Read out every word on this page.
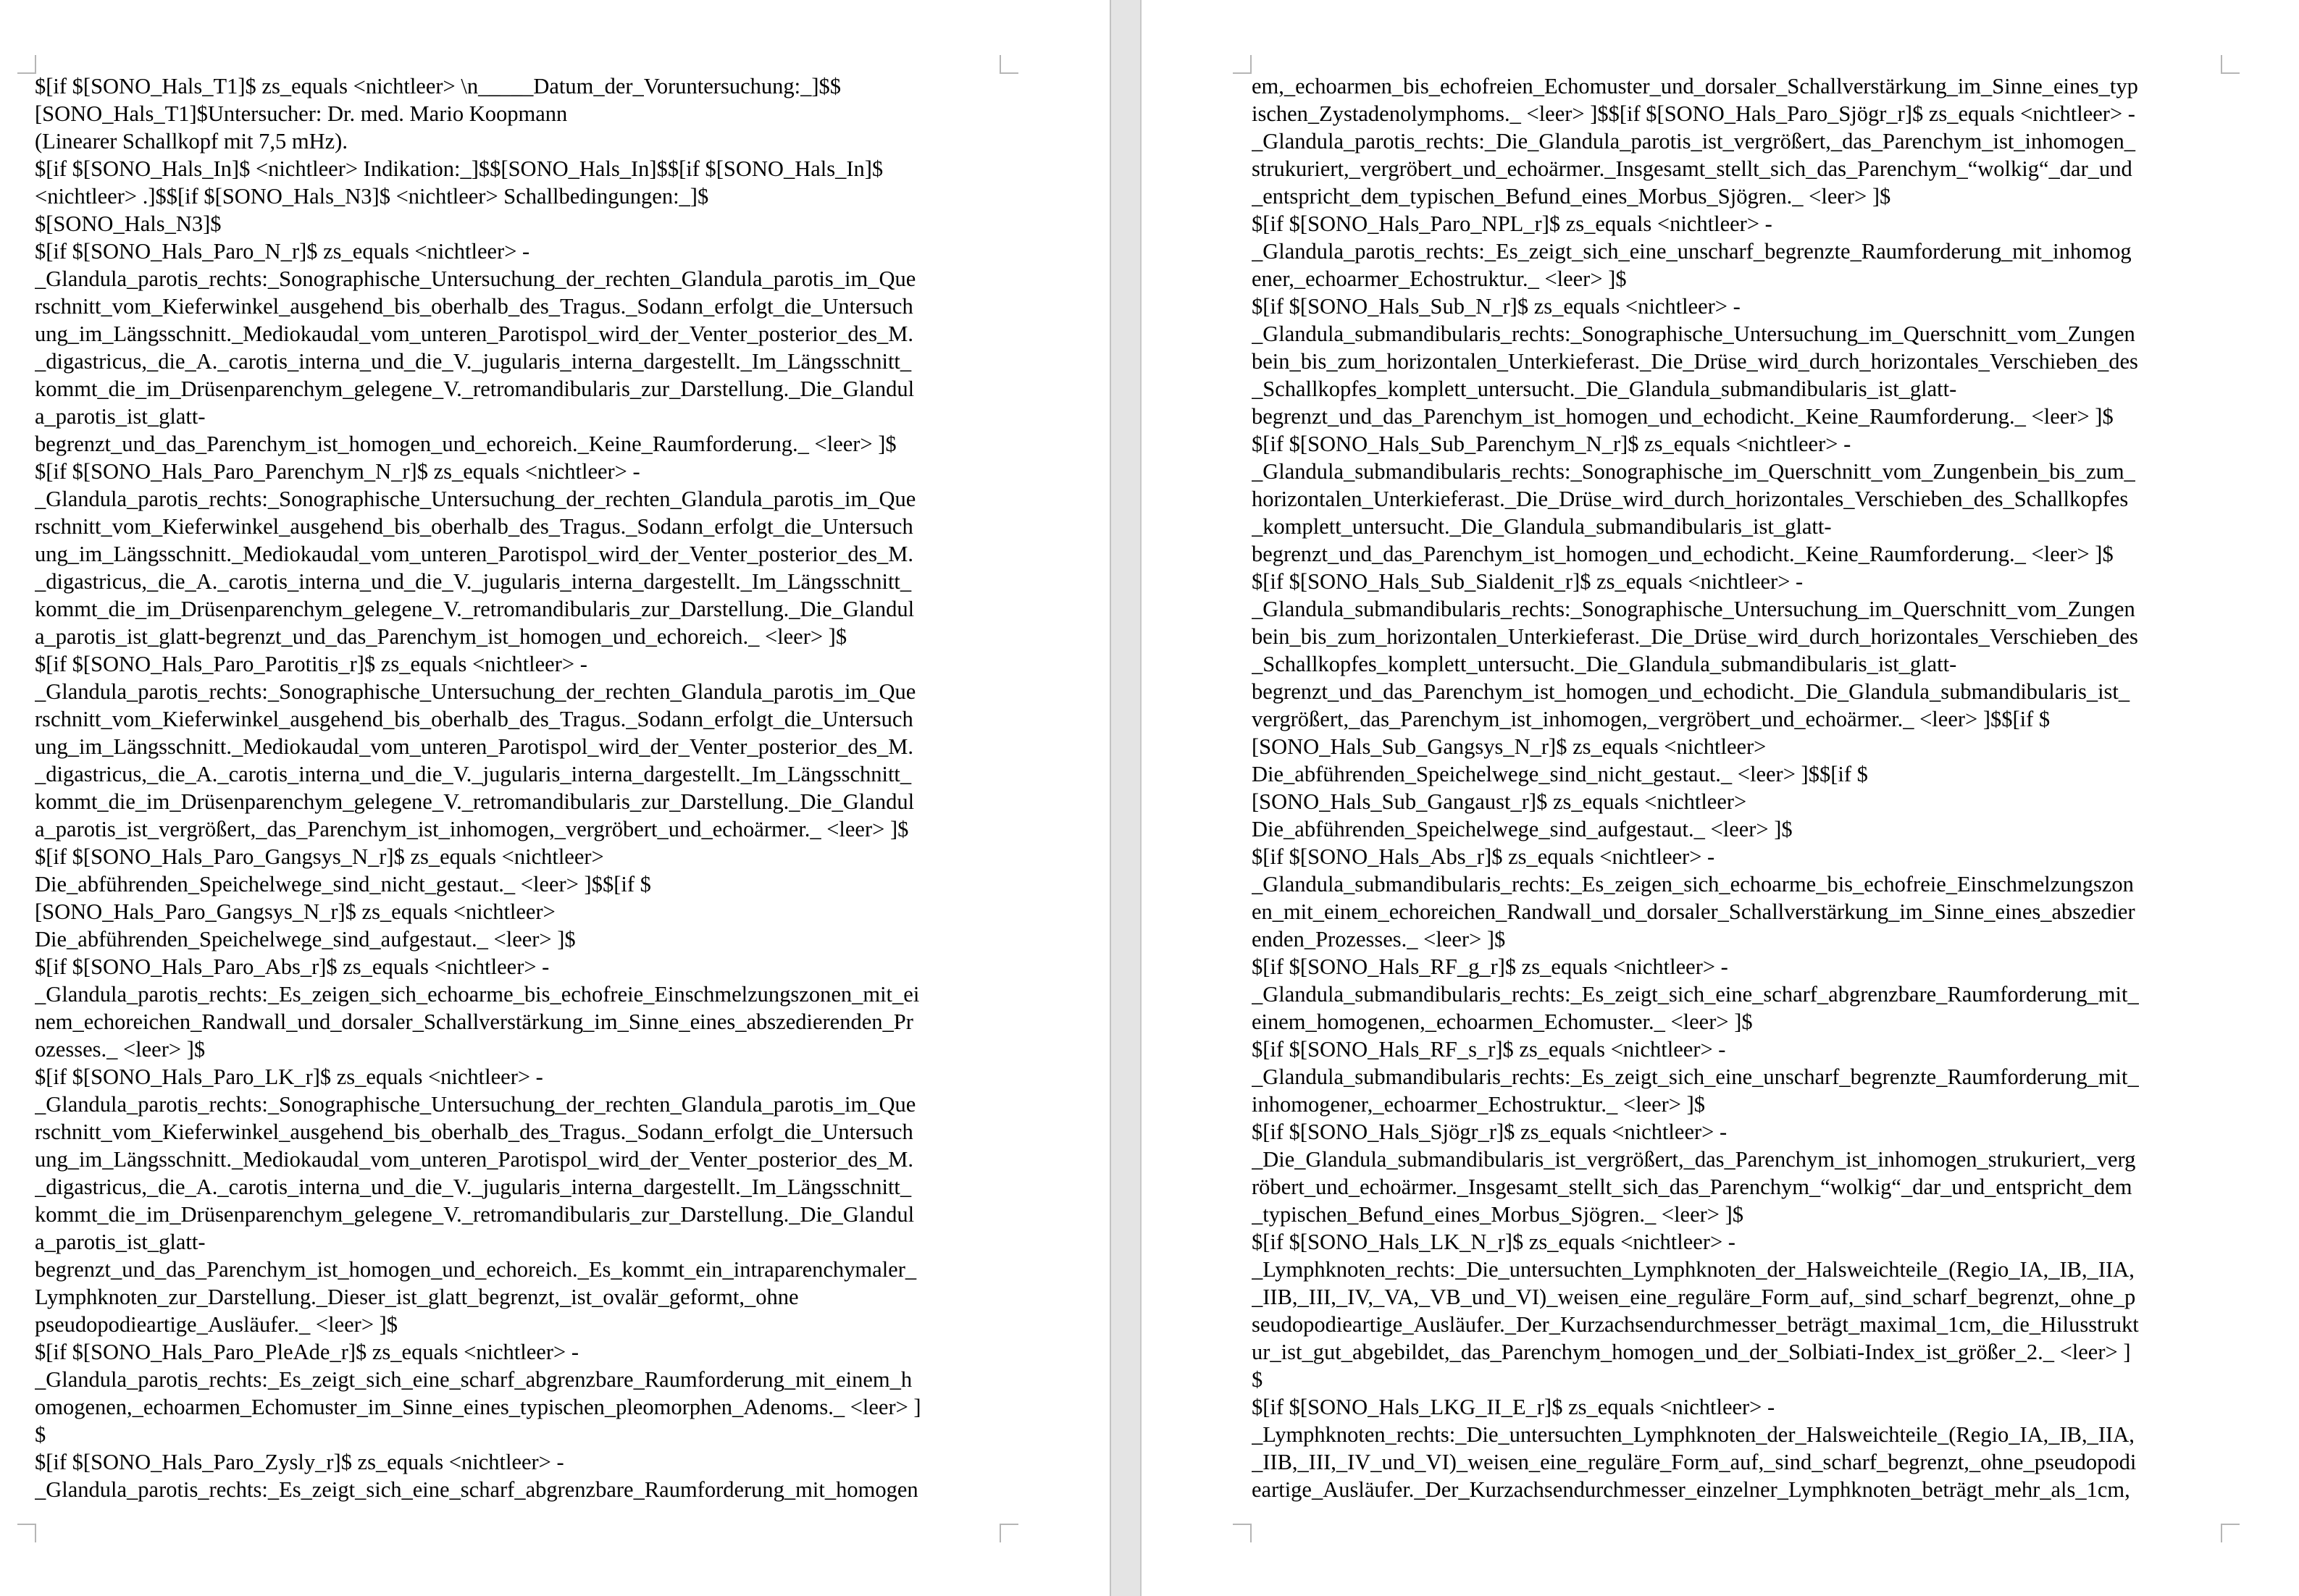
$[if $[SONO_Hals_T1]$ zs_equals <nichtleer> \n_____Datum_der_Voruntersuchung:_]$$
[SONO_Hals_T1]$Untersucher: Dr. med. Mario Koopmann
(Linearer Schallkopf mit 7,5 mHz).
$[if $[SONO_Hals_In]$ <nichtleer> Indikation:_]$$[SONO_Hals_In]$$[if $[SONO_Hals_In]$
<nichtleer> .]$$[if $[SONO_Hals_N3]$ <nichtleer> Schallbedingungen:_]$
$[SONO_Hals_N3]$
$[if $[SONO_Hals_Paro_N_r]$ zs_equals <nichtleer> -
_Glandula_parotis_rechts:_Sonographische_Untersuchung_der_rechten_Glandula_parotis_im_Que
rschnitt_vom_Kieferwinkel_ausgehend_bis_oberhalb_des_Tragus._Sodann_erfolgt_die_Untersuch
ung_im_Längsschnitt._Mediokaudal_vom_unteren_Parotispol_wird_der_Venter_posterior_des_M.
_digastricus,_die_A._carotis_interna_und_die_V._jugularis_interna_dargestellt._Im_Längsschnitt_
kommt_die_im_Drüsenparenchym_gelegene_V._retromandibularis_zur_Darstellung._Die_Glandul
a_parotis_ist_glatt-
begrenzt_und_das_Parenchym_ist_homogen_und_echoreich._Keine_Raumforderung._ <leer> ]$
$[if $[SONO_Hals_Paro_Parenchym_N_r]$ zs_equals <nichtleer> -
_Glandula_parotis_rechts:_Sonographische_Untersuchung_der_rechten_Glandula_parotis_im_Que
rschnitt_vom_Kieferwinkel_ausgehend_bis_oberhalb_des_Tragus._Sodann_erfolgt_die_Untersuch
ung_im_Längsschnitt._Mediokaudal_vom_unteren_Parotispol_wird_der_Venter_posterior_des_M.
_digastricus,_die_A._carotis_interna_und_die_V._jugularis_interna_dargestellt._Im_Längsschnitt_
kommt_die_im_Drüsenparenchym_gelegene_V._retromandibularis_zur_Darstellung._Die_Glandul
a_parotis_ist_glatt-begrenzt_und_das_Parenchym_ist_homogen_und_echoreich._ <leer> ]$
$[if $[SONO_Hals_Paro_Parotitis_r]$ zs_equals <nichtleer> -
_Glandula_parotis_rechts:_Sonographische_Untersuchung_der_rechten_Glandula_parotis_im_Que
rschnitt_vom_Kieferwinkel_ausgehend_bis_oberhalb_des_Tragus._Sodann_erfolgt_die_Untersuch
ung_im_Längsschnitt._Mediokaudal_vom_unteren_Parotispol_wird_der_Venter_posterior_des_M.
_digastricus,_die_A._carotis_interna_und_die_V._jugularis_interna_dargestellt._Im_Längsschnitt_
kommt_die_im_Drüsenparenchym_gelegene_V._retromandibularis_zur_Darstellung._Die_Glandul
a_parotis_ist_vergrößert,_das_Parenchym_ist_inhomogen,_vergröbert_und_echoärmer._ <leer> ]$
$[if $[SONO_Hals_Paro_Gangsys_N_r]$ zs_equals <nichtleer>
Die_abführenden_Speichelwege_sind_nicht_gestaut._ <leer> ]$$[if $
[SONO_Hals_Paro_Gangsys_N_r]$ zs_equals <nichtleer>
Die_abführenden_Speichelwege_sind_aufgestaut._ <leer> ]$
$[if $[SONO_Hals_Paro_Abs_r]$ zs_equals <nichtleer> -
_Glandula_parotis_rechts:_Es_zeigen_sich_echoarme_bis_echofreie_Einschmelzungszonen_mit_ei
nem_echoreichen_Randwall_und_dorsaler_Schallverstärkung_im_Sinne_eines_abszedierenden_Pr
ozesses._ <leer> ]$
$[if $[SONO_Hals_Paro_LK_r]$ zs_equals <nichtleer> -
_Glandula_parotis_rechts:_Sonographische_Untersuchung_der_rechten_Glandula_parotis_im_Que
rschnitt_vom_Kieferwinkel_ausgehend_bis_oberhalb_des_Tragus._Sodann_erfolgt_die_Untersuch
ung_im_Längsschnitt._Mediokaudal_vom_unteren_Parotispol_wird_der_Venter_posterior_des_M.
_digastricus,_die_A._carotis_interna_und_die_V._jugularis_interna_dargestellt._Im_Längsschnitt_
kommt_die_im_Drüsenparenchym_gelegene_V._retromandibularis_zur_Darstellung._Die_Glandul
a_parotis_ist_glatt-
begrenzt_und_das_Parenchym_ist_homogen_und_echoreich._Es_kommt_ein_intraparenchymaler_
Lymphknoten_zur_Darstellung._Dieser_ist_glatt_begrenzt,_ist_ovalär_geformt,_ohne
pseudopodieartige_Ausläufer._ <leer> ]$
$[if $[SONO_Hals_Paro_PleAde_r]$ zs_equals <nichtleer> -
_Glandula_parotis_rechts:_Es_zeigt_sich_eine_scharf_abgrenzbare_Raumforderung_mit_einem_h
omogenen,_echoarmen_Echomuster_im_Sinne_eines_typischen_pleomorphen_Adenoms._ <leer> ]
$
$[if $[SONO_Hals_Paro_Zysly_r]$ zs_equals <nichtleer> -
_Glandula_parotis_rechts:_Es_zeigt_sich_eine_scharf_abgrenzbare_Raumforderung_mit_homogen
em,_echoarmen_bis_echofreien_Echomuster_und_dorsaler_Schallverstärkung_im_Sinne_eines_typ
ischen_Zystadenolymphoms._ <leer> ]$$[if $[SONO_Hals_Paro_Sjögr_r]$ zs_equals <nichtleer> -
_Glandula_parotis_rechts:_Die_Glandula_parotis_ist_vergrößert,_das_Parenchym_ist_inhomogen_
strukuriert,_vergröbert_und_echoärmer._Insgesamt_stellt_sich_das_Parenchym_“wolkig“_dar_und
_entspricht_dem_typischen_Befund_eines_Morbus_Sjögren._ <leer> ]$
$[if $[SONO_Hals_Paro_NPL_r]$ zs_equals <nichtleer> -
_Glandula_parotis_rechts:_Es_zeigt_sich_eine_unscharf_begrenzte_Raumforderung_mit_inhomog
ener,_echoarmer_Echostruktur._ <leer> ]$
$[if $[SONO_Hals_Sub_N_r]$ zs_equals <nichtleer> -
_Glandula_submandibularis_rechts:_Sonographische_Untersuchung_im_Querschnitt_vom_Zungen
bein_bis_zum_horizontalen_Unterkieferast._Die_Drüse_wird_durch_horizontales_Verschieben_des
_Schallkopfes_komplett_untersucht._Die_Glandula_submandibularis_ist_glatt-
begrenzt_und_das_Parenchym_ist_homogen_und_echodicht._Keine_Raumforderung._ <leer> ]$
$[if $[SONO_Hals_Sub_Parenchym_N_r]$ zs_equals <nichtleer> -
_Glandula_submandibularis_rechts:_Sonographische_im_Querschnitt_vom_Zungenbein_bis_zum_
horizontalen_Unterkieferast._Die_Drüse_wird_durch_horizontales_Verschieben_des_Schallkopfes
_komplett_untersucht._Die_Glandula_submandibularis_ist_glatt-
begrenzt_und_das_Parenchym_ist_homogen_und_echodicht._Keine_Raumforderung._ <leer> ]$
$[if $[SONO_Hals_Sub_Sialdenit_r]$ zs_equals <nichtleer> -
_Glandula_submandibularis_rechts:_Sonographische_Untersuchung_im_Querschnitt_vom_Zungen
bein_bis_zum_horizontalen_Unterkieferast._Die_Drüse_wird_durch_horizontales_Verschieben_des
_Schallkopfes_komplett_untersucht._Die_Glandula_submandibularis_ist_glatt-
begrenzt_und_das_Parenchym_ist_homogen_und_echodicht._Die_Glandula_submandibularis_ist_
vergrößert,_das_Parenchym_ist_inhomogen,_vergröbert_und_echoärmer._ <leer> ]$$[if $
[SONO_Hals_Sub_Gangsys_N_r]$ zs_equals <nichtleer>
Die_abführenden_Speichelwege_sind_nicht_gestaut._ <leer> ]$$[if $
[SONO_Hals_Sub_Gangaust_r]$ zs_equals <nichtleer>
Die_abführenden_Speichelwege_sind_aufgestaut._ <leer> ]$
$[if $[SONO_Hals_Abs_r]$ zs_equals <nichtleer> -
_Glandula_submandibularis_rechts:_Es_zeigen_sich_echoarme_bis_echofreie_Einschmelzungszon
en_mit_einem_echoreichen_Randwall_und_dorsaler_Schallverstärkung_im_Sinne_eines_abszedier
enden_Prozesses._ <leer> ]$
$[if $[SONO_Hals_RF_g_r]$ zs_equals <nichtleer> -
_Glandula_submandibularis_rechts:_Es_zeigt_sich_eine_scharf_abgrenzbare_Raumforderung_mit_
einem_homogenen,_echoarmen_Echomuster._ <leer> ]$
$[if $[SONO_Hals_RF_s_r]$ zs_equals <nichtleer> -
_Glandula_submandibularis_rechts:_Es_zeigt_sich_eine_unscharf_begrenzte_Raumforderung_mit_
inhomogener,_echoarmer_Echostruktur._ <leer> ]$
$[if $[SONO_Hals_Sjögr_r]$ zs_equals <nichtleer> -
_Die_Glandula_submandibularis_ist_vergrößert,_das_Parenchym_ist_inhomogen_strukuriert,_verg
röbert_und_echoärmer._Insgesamt_stellt_sich_das_Parenchym_“wolkig“_dar_und_entspricht_dem
_typischen_Befund_eines_Morbus_Sjögren._ <leer> ]$
$[if $[SONO_Hals_LK_N_r]$ zs_equals <nichtleer> -
_Lymphknoten_rechts:_Die_untersuchten_Lymphknoten_der_Halsweichteile_(Regio_IA,_IB,_IIA,
_IIB,_III,_IV,_VA,_VB_und_VI)_weisen_eine_reguläre_Form_auf,_sind_scharf_begrenzt,_ohne_p
seudopodieartige_Ausläufer._Der_Kurzachsendurchmesser_beträgt_maximal_1cm,_die_Hilusstrukt
ur_ist_gut_abgebildet,_das_Parenchym_homogen_und_der_Solbiati-Index_ist_größer_2._ <leer> ]
$
$[if $[SONO_Hals_LKG_II_E_r]$ zs_equals <nichtleer> -
_Lymphknoten_rechts:_Die_untersuchten_Lymphknoten_der_Halsweichteile_(Regio_IA,_IB,_IIA,
_IIB,_III,_IV_und_VI)_weisen_eine_reguläre_Form_auf,_sind_scharf_begrenzt,_ohne_pseudopodi
eartige_Ausläufer._Der_Kurzachsendurchmesser_einzelner_Lymphknoten_beträgt_mehr_als_1cm,
